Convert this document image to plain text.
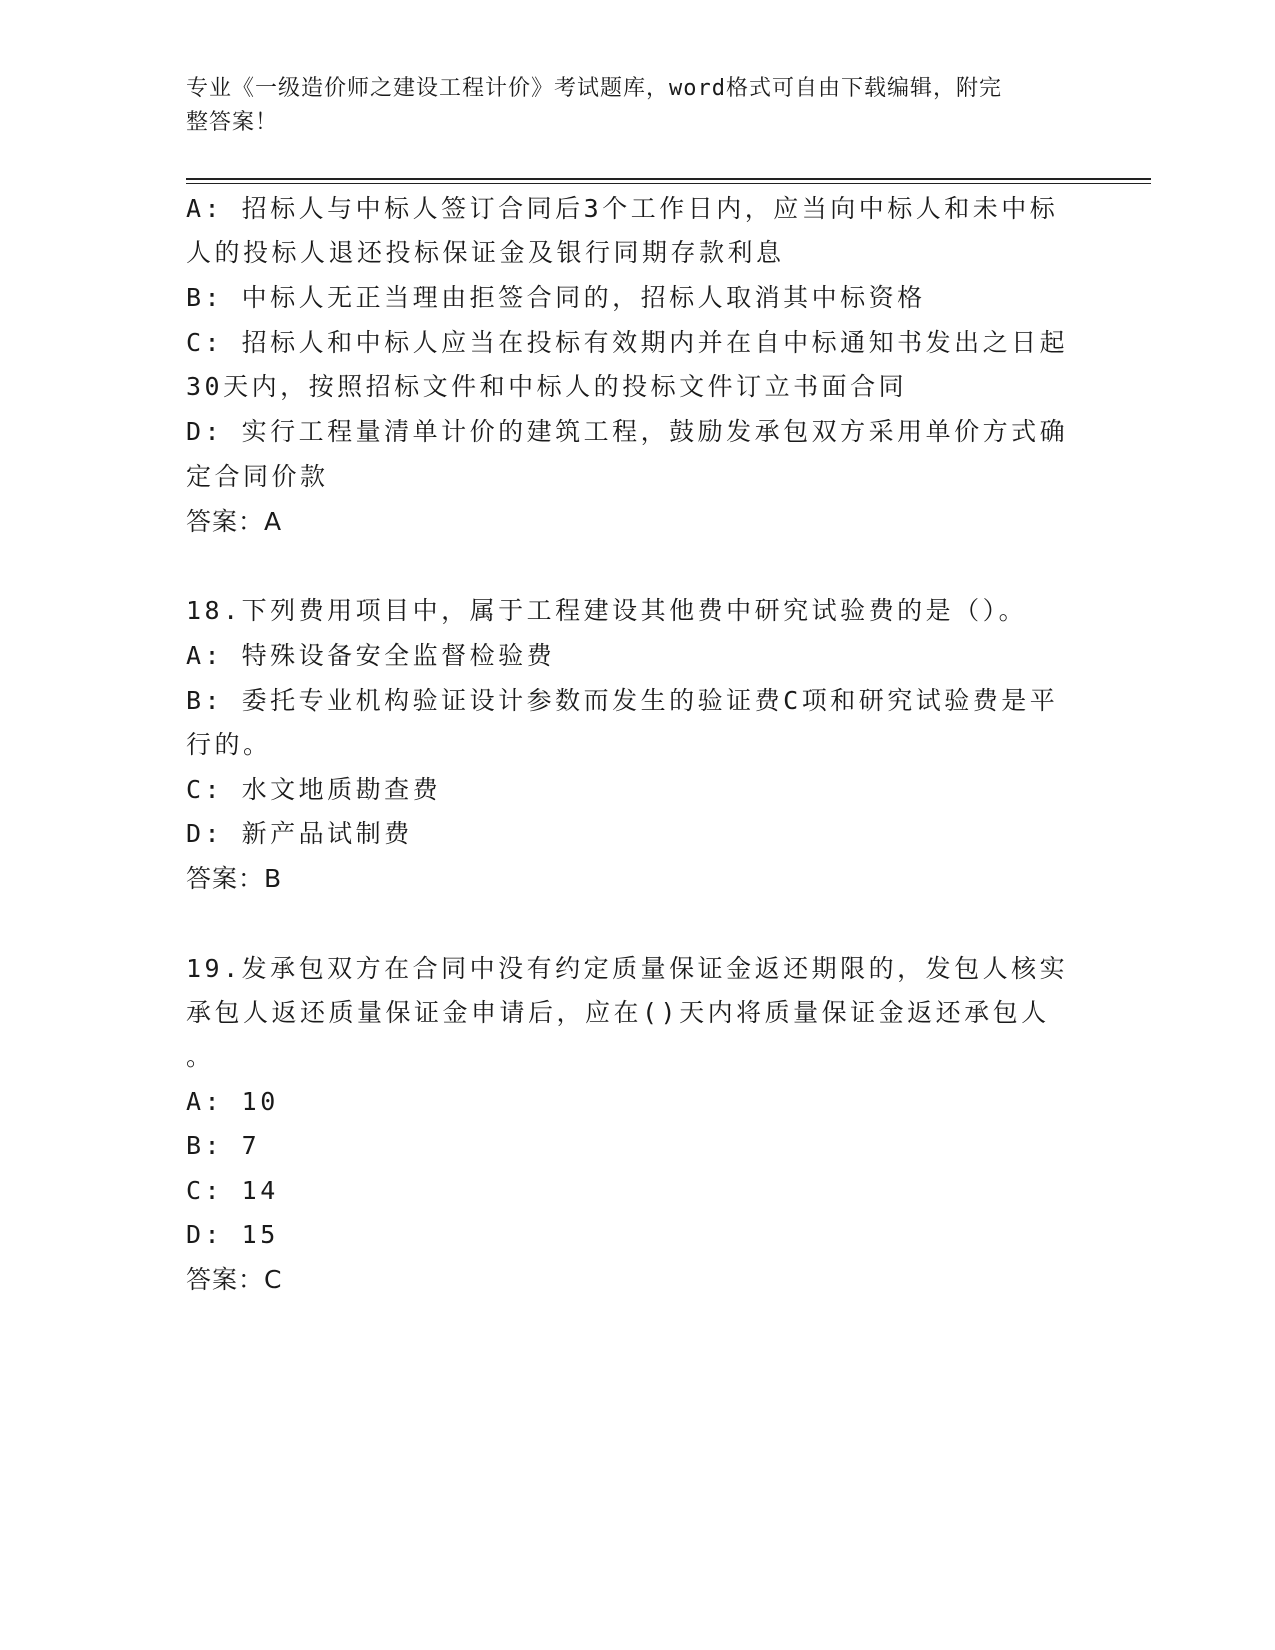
专业《一级造价师之建设工程计价》考试题库，word格式可自由下载编辑，附完
整答案！
A: 招标人与中标人签订合同后3个工作日内，应当向中标人和未中标
人的投标人退还投标保证金及银行同期存款利息
B: 中标人无正当理由拒签合同的，招标人取消其中标资格
C: 招标人和中标人应当在投标有效期内并在自中标通知书发出之日起
30天内，按照招标文件和中标人的投标文件订立书面合同
D: 实行工程量清单计价的建筑工程，鼓励发承包双方采用单价方式确
定合同价款
答案：A
18.下列费用项目中，属于工程建设其他费中研究试验费的是（）。
A: 特殊设备安全监督检验费
B: 委托专业机构验证设计参数而发生的验证费C项和研究试验费是平
行的。
C: 水文地质勘查费
D: 新产品试制费
答案：B
19.发承包双方在合同中没有约定质量保证金返还期限的，发包人核实
承包人返还质量保证金申请后，应在()天内将质量保证金返还承包人
。
A: 10
B: 7
C: 14
D: 15
答案：C
